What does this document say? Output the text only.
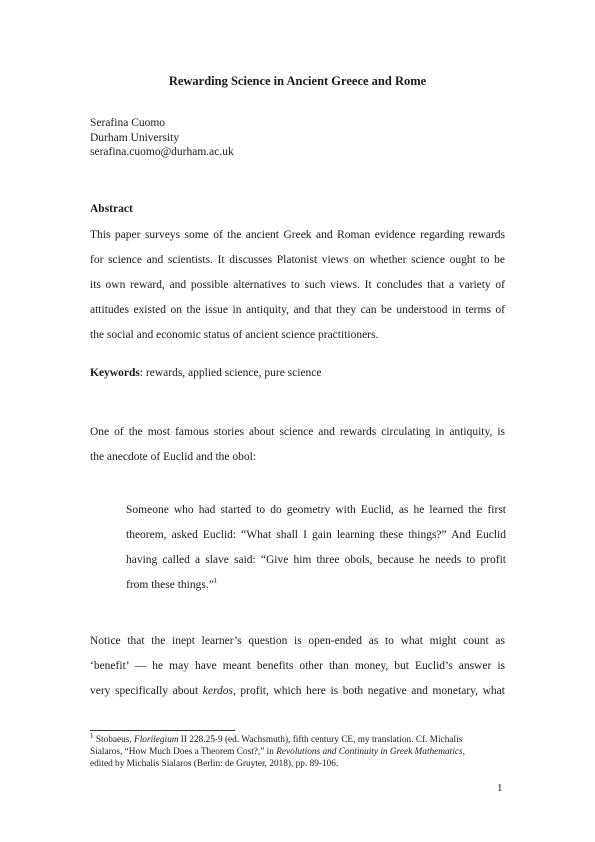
Rewarding Science in Ancient Greece and Rome
Serafina Cuomo
Durham University
serafina.cuomo@durham.ac.uk
Abstract
This paper surveys some of the ancient Greek and Roman evidence regarding rewards
for science and scientists. It discusses Platonist views on whether science ought to be
its own reward, and possible alternatives to such views. It concludes that a variety of
attitudes existed on the issue in antiquity, and that they can be understood in terms of
the social and economic status of ancient science practitioners.
Keywords: rewards, applied science, pure science
One of the most famous stories about science and rewards circulating in antiquity, is
the anecdote of Euclid and the obol:
Someone who had started to do geometry with Euclid, as he learned the first
theorem, asked Euclid: “What shall I gain learning these things?” And Euclid
having called a slave said: “Give him three obols, because he needs to profit
from these things.”$^1$
Notice that the inept learner’s question is open-ended as to what might count as
‘benefit’ — he may have meant benefits other than money, but Euclid’s answer is
very specifically about kerdos, profit, which here is both negative and monetary, what
$^1$ Stobaeus, Florilegium II 228.25-9 (ed. Wachsmuth), fifth century CE, my translation. Cf. Michalis
Sialaros, “How Much Does a Theorem Cost?,” in Revolutions and Continuity in Greek Mathematics,
edited by Michalis Sialaros (Berlin: de Gruyter, 2018), pp. 89-106.
1
